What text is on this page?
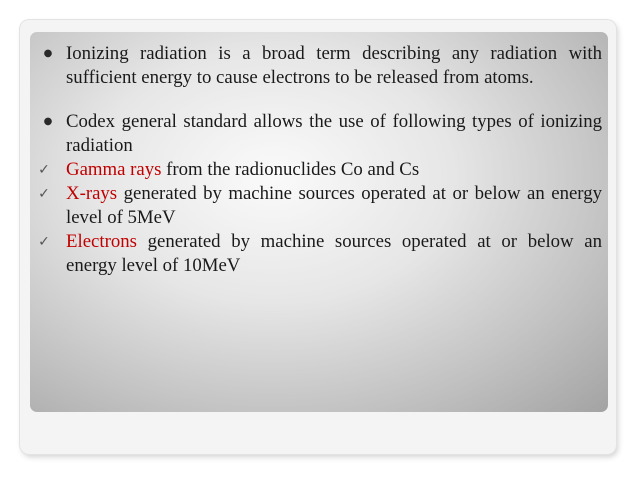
● Ionizing radiation is a broad term describing any radiation with sufficient energy to cause electrons to be released from atoms.
● Codex general standard allows the use of following types of ionizing radiation
✓ Gamma rays from the radionuclides Co and Cs
✓ X-rays generated by machine sources operated at or below an energy level of 5MeV
✓ Electrons generated by machine sources operated at or below an energy level of 10MeV
